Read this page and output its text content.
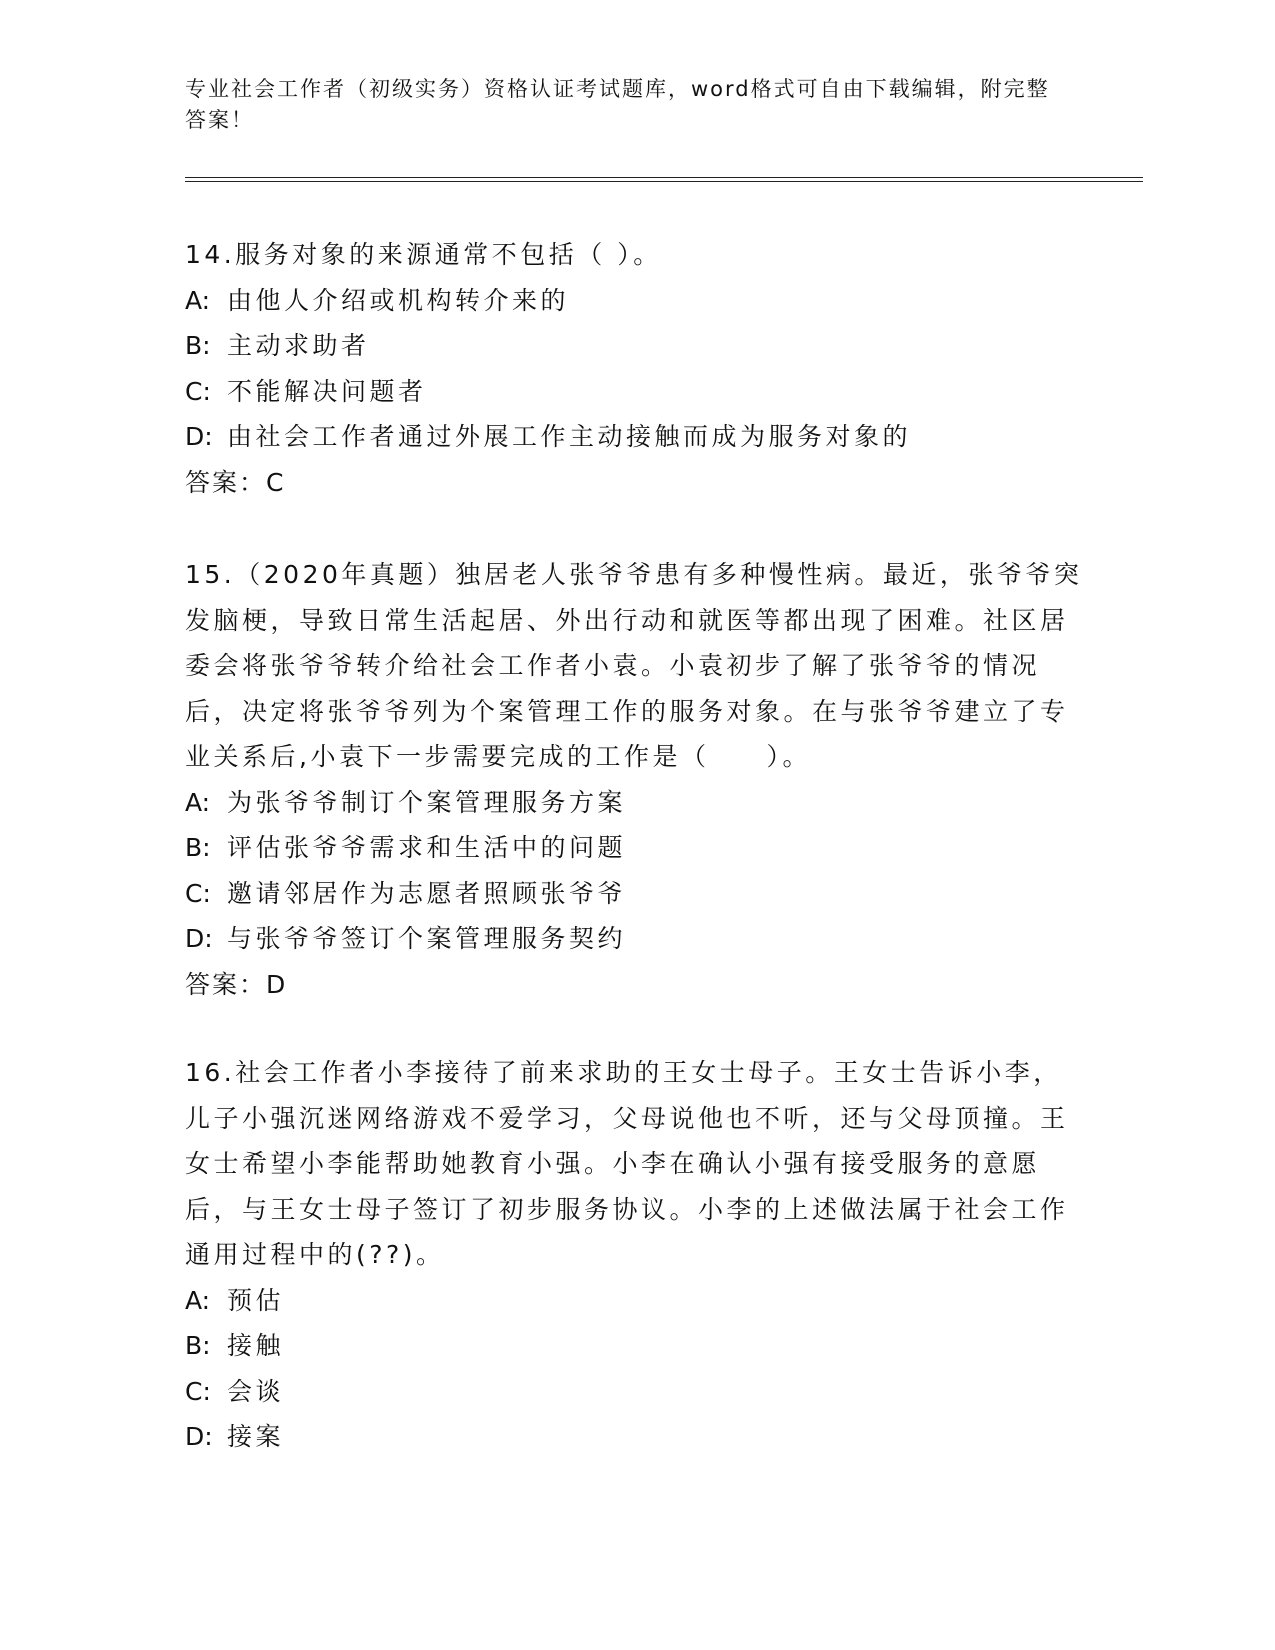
专业社会工作者（初级实务）资格认证考试题库，word格式可自由下载编辑，附完整答案！

14.服务对象的来源通常不包括（ ）。

A: 由他人介绍或机构转介来的

B: 主动求助者

C: 不能解决问题者

D: 由社会工作者通过外展工作主动接触而成为服务对象的

答案：C

15.（2020年真题）独居老人张爷爷患有多种慢性病。最近，张爷爷突发脑梗，导致日常生活起居、外出行动和就医等都出现了困难。社区居委会将张爷爷转介给社会工作者小袁。小袁初步了解了张爷爷的情况后，决定将张爷爷列为个案管理工作的服务对象。在与张爷爷建立了专业关系后,小袁下一步需要完成的工作是（　　）。

A: 为张爷爷制订个案管理服务方案

B: 评估张爷爷需求和生活中的问题

C: 邀请邻居作为志愿者照顾张爷爷

D: 与张爷爷签订个案管理服务契约

答案：D

16.社会工作者小李接待了前来求助的王女士母子。王女士告诉小李，儿子小强沉迷网络游戏不爱学习，父母说他也不听，还与父母顶撞。王女士希望小李能帮助她教育小强。小李在确认小强有接受服务的意愿后，与王女士母子签订了初步服务协议。小李的上述做法属于社会工作通用过程中的(??)。

A: 预估

B: 接触

C: 会谈

D: 接案
